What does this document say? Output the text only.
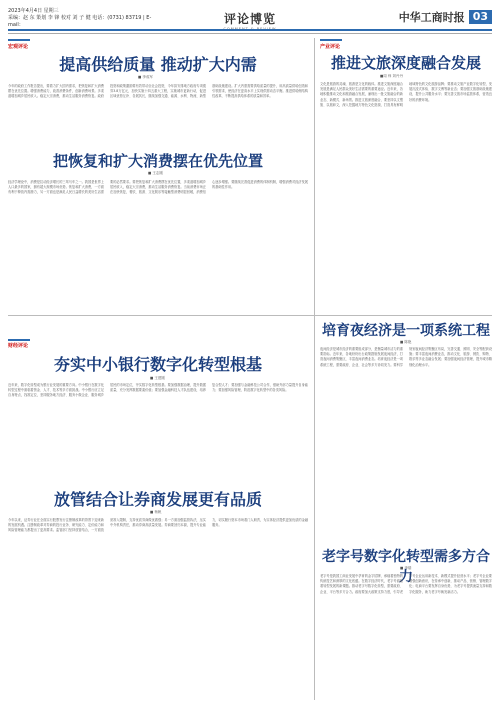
2023年4月4日 星期三
采编：赵 东 策划 李 锋 校对 刘 子 健 电话：(0731) 83719 | E-mail：	评论博览	中华工商时报 03
宏观评论
提高供给质量 推动扩大内需
■ 李成军
今年的政府工作报告提出，要着力扩大国内需求，把恢复和扩大消费摆在优先位置。增强消费能力，改善消费条件，创新消费场景。多渠道增加城乡居民收入。稳定大宗消费，推动生活服务消费恢复。政府投资和政策激励要有效带动全社会投资，今年拟安排地方政府专项债券3.8万亿元，加快实施十四五重大工程，实施城市更新行动，促进区域优势互补、各展其长，继续加强交通、能源、水利、物流、新型基础设施建设。扩大内需需要供给质量的提升，用高质量供给创造和引领需求，使经济在更高水平上实现供需动态平衡。推进供给侧结构性改革，不断提高供给体系的质量和效率。
把恢复和扩大消费摆在优先位置
■ 王志刚
经济学理论中，消费是拉动经济增长的三驾马车之一。我国是世界上人口最多的国家，拥有超大规模市场优势。恢复和扩大消费，一方面有利于释放内需潜力，另一方面也是满足人民日益增长的美好生活需要的必然要求。要把恢复和扩大消费摆在优先位置，多渠道增加城乡居民收入，稳定大宗消费，推动生活服务消费恢复。当前消费市场正在加快恢复，餐饮、旅游、文化娱乐等接触型消费明显回暖，消费信心逐步增强。要继续完善促进消费的体制机制，增强消费对经济发展的基础性作用。
财经评论
夯实中小银行数字化转型根基
■ 王建刚
近年来，数字化转型成为银行业发展的重要方向。中小银行在数字化转型过程中面临着资金、人才、技术等多方面挑战。中小银行应立足自身特点，找准定位，坚持服务地方经济、服务小微企业、服务城乡居民的市场定位，夯实数字化转型根基。要加强数据治理，提升数据质量，充分发挥数据要素价值；要加强金融科技人才队伍建设，培养复合型人才；要加强与金融科技公司合作，借助外部力量提升自身能力；要加强风险管理，防范数字化转型中的各类风险。
放管结合让券商发展更有品质
■ 杨帆
今年以来，证券行业在全面实行股票发行注册制改革的背景下迎来新的发展机遇。注册制改革对券商的投行业务、研究能力、定价能力和风险管理能力都提出了更高要求。监管部门坚持放管结合，一方面放宽准入限制，支持优质券商做优做强；另一方面加强监管执法，压实中介机构责任，推动券商高质量发展。券商要回归本源，提升专业能力，切实履行资本市场看门人职责，为实体经济提供更加优质的金融服务。
产业评论
推进文旅深度融合发展
■周 炜 刘丹丹
文化是旅游的灵魂，旅游是文化的载体。推进文旅深度融合发展是满足人民群众美好生活需要的重要途径。近年来，各地积极推动文化和旅游融合发展，涌现出一批文旅融合的新业态、新模式、新场景。推进文旅深度融合，要坚持以文塑旅、以旅彰文，深入挖掘地方特色文化资源，打造具有鲜明地域特色的文化旅游品牌；要推动文旅产业数字化转型，发展沉浸式体验、数字文博等新业态；要加强文旅基础设施建设，提升公共服务水平；要完善文旅市场监管体系，营造良好的消费环境。
培育夜经济是一项系统工程
■ 陈艳
夜间经济是城市经济的重要组成部分，是衡量城市活力的重要指标。近年来，各地纷纷出台政策措施发展夜间经济，打造夜间消费集聚区，丰富夜间消费业态。培育夜经济是一项系统工程，需要政府、企业、社会等多方协同发力。要科学规划夜间经济集聚区布局，完善交通、照明、安全等配套设施；要丰富夜间消费业态，推动文化、旅游、餐饮、购物、娱乐等多业态融合发展；要加强夜间经济管理，提升城市精细化治理水平。
老字号数字化转型需多方合力
■ 李瑞
老字号是我国工商业发展中孕育的金字招牌，承载着独特的传统技艺和深厚的文化底蕴。在数字经济时代，老字号面临着转型发展的新课题。推动老字号数字化转型，需要政府、企业、平台等多方合力。政府要加大政策支持力度，引导老字号企业运用新技术、新模式提升经营水平；老字号企业要增强创新意识，在传承中创新，推动产品、营销、管理数字化；电商平台要发挥自身优势，为老字号提供流量支持和数字化服务，助力老字号焕发新活力。
